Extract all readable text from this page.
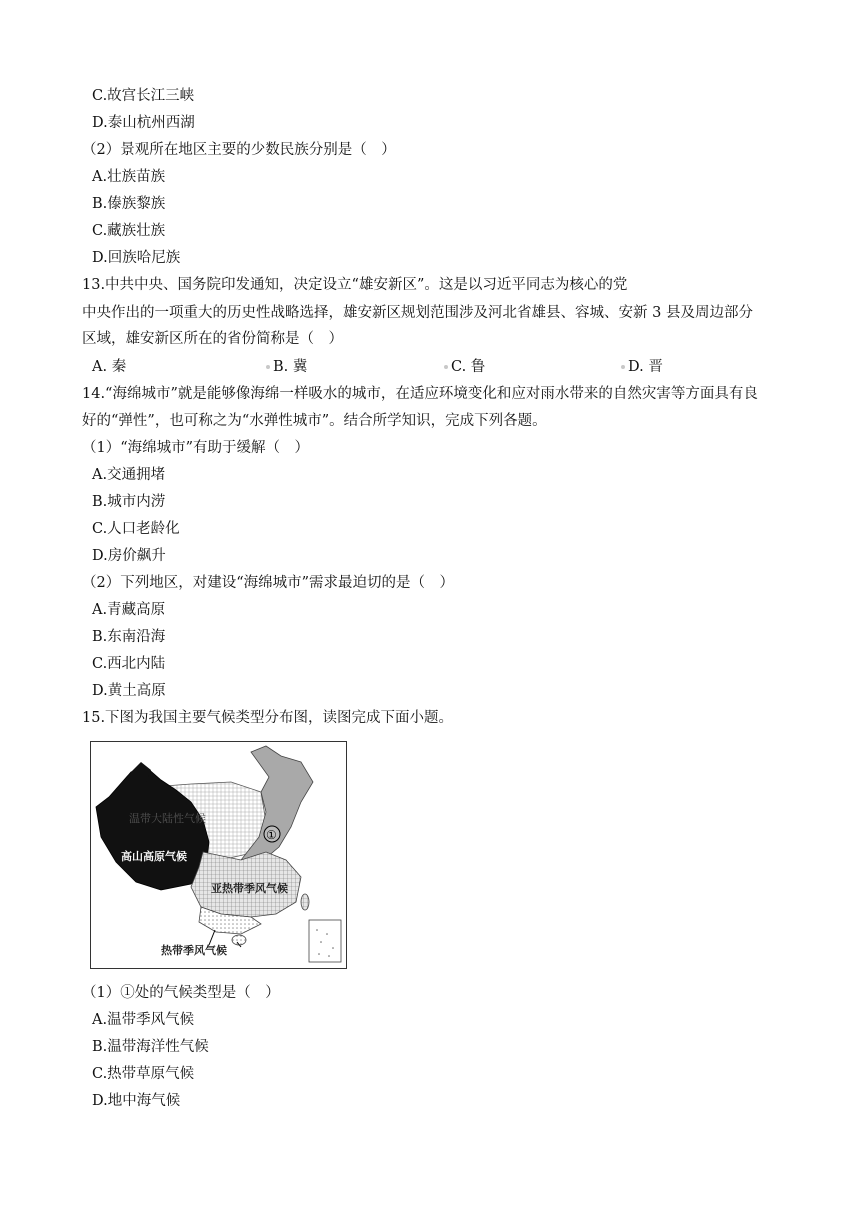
C.故宫长江三峡
D.泰山杭州西湖
（2）景观所在地区主要的少数民族分别是（　）
A.壮族苗族
B.傣族黎族
C.藏族壮族
D.回族哈尼族
13.中共中央、国务院印发通知，决定设立“雄安新区”。这是以习近平同志为核心的党
中央作出的一项重大的历史性战略选择，雄安新区规划范围涉及河北省雄县、容城、安新 3 县及周边部分
区域，雄安新区所在的省份简称是（　）
A. 秦	B. 冀	C. 鲁	D. 晋
14.“海绵城市”就是能够像海绵一样吸水的城市，在适应环境变化和应对雨水带来的自然灾害等方面具有良
好的“弹性”，也可称之为“水弹性城市”。结合所学知识，完成下列各题。
（1）“海绵城市”有助于缓解（　）
A.交通拥堵
B.城市内涝
C.人口老龄化
D.房价飙升
（2）下列地区，对建设“海绵城市”需求最迫切的是（　）
A.青藏高原
B.东南沿海
C.西北内陆
D.黄土高原
15.下图为我国主要气候类型分布图，读图完成下面小题。
温带大陆性气候
高山高原气候
亚热带季风气候
热带季风气候
①
（1）①处的气候类型是（　）
A.温带季风气候
B.温带海洋性气候
C.热带草原气候
D.地中海气候
